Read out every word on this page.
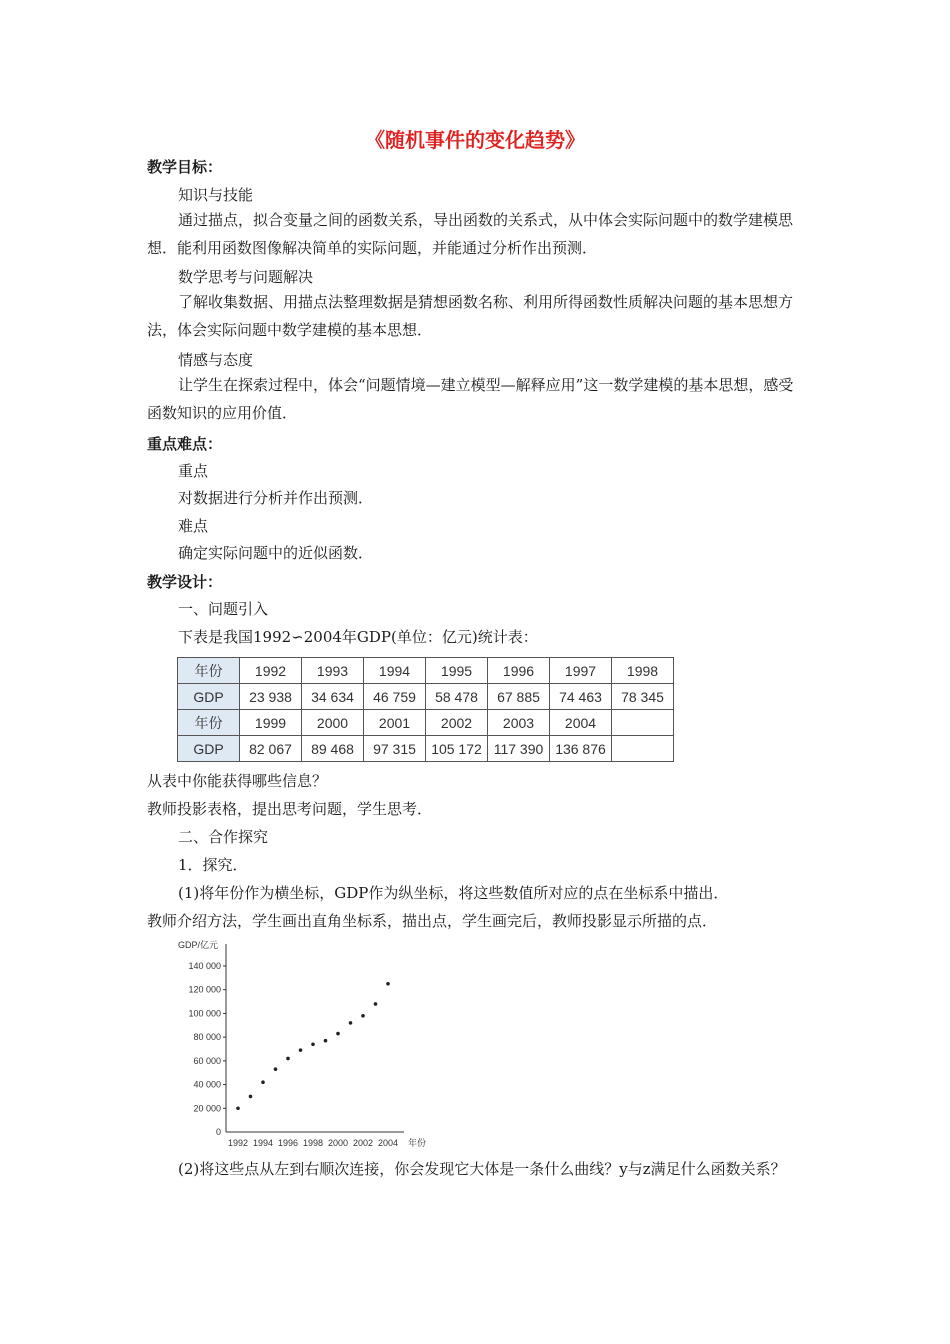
《随机事件的变化趋势》
教学目标：
知识与技能
通过描点，拟合变量之间的函数关系，导出函数的关系式，从中体会实际问题中的数学建模思想．能利用函数图像解决简单的实际问题，并能通过分析作出预测．
数学思考与问题解决
了解收集数据、用描点法整理数据是猜想函数名称、利用所得函数性质解决问题的基本思想方法，体会实际问题中数学建模的基本思想．
情感与态度
让学生在探索过程中，体会“问题情境—建立模型—解释应用”这一数学建模的基本思想，感受函数知识的应用价值．
重点难点：
重点
对数据进行分析并作出预测．
难点
确定实际问题中的近似函数．
教学设计：
一、问题引入
下表是我国1992∽2004年GDP(单位：亿元)统计表：
年份	1992	1993	1994	1995	1996	1997	1998
GDP	23 938	34 634	46 759	58 478	67 885	74 463	78 345
年份	1999	2000	2001	2002	2003	2004	
GDP	82 067	89 468	97 315	105 172	117 390	136 876	
从表中你能获得哪些信息？
教师投影表格，提出思考问题，学生思考．
二、合作探究
1．探究．
(1)将年份作为横坐标，GDP作为纵坐标，将这些数值所对应的点在坐标系中描出．
教师介绍方法，学生画出直角坐标系，描出点，学生画完后，教师投影显示所描的点．
GDP/亿元
年份
0
20 000
40 000
60 000
80 000
100 000
120 000
140 000
1992 1994 1996 1998 2000 2002 2004
(2)将这些点从左到右顺次连接，你会发现它大体是一条什么曲线？y与z满足什么函数关系？
